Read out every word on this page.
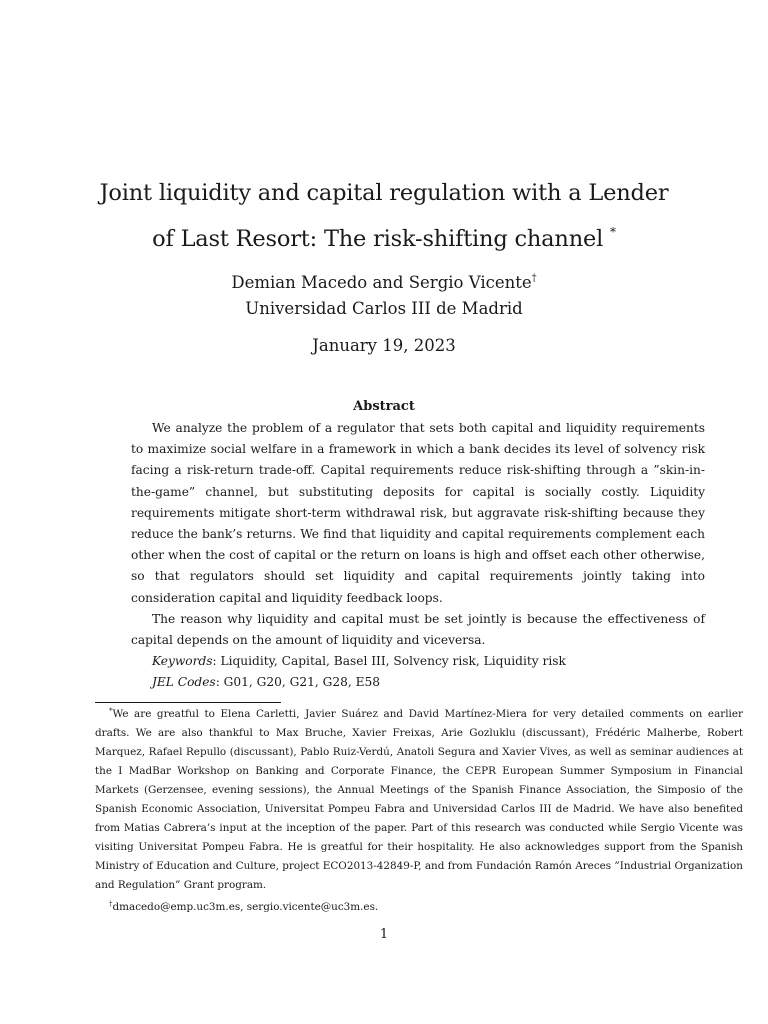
Joint liquidity and capital regulation with a Lender of Last Resort: The risk-shifting channel *
Demian Macedo and Sergio Vicente†
Universidad Carlos III de Madrid
January 19, 2023
Abstract

We analyze the problem of a regulator that sets both capital and liquidity requirements to maximize social welfare in a framework in which a bank decides its level of solvency risk facing a risk-return trade-off. Capital requirements reduce risk-shifting through a ”skin-in-the-game” channel, but substituting deposits for capital is socially costly. Liquidity requirements mitigate short-term withdrawal risk, but aggravate risk-shifting because they reduce the bank’s returns. We find that liquidity and capital requirements complement each other when the cost of capital or the return on loans is high and offset each other otherwise, so that regulators should set liquidity and capital requirements jointly taking into consideration capital and liquidity feedback loops.

The reason why liquidity and capital must be set jointly is because the effectiveness of capital depends on the amount of liquidity and viceversa.

Keywords: Liquidity, Capital, Basel III, Solvency risk, Liquidity risk

JEL Codes: G01, G20, G21, G28, E58

*We are greatful to Elena Carletti, Javier Suárez and David Martínez-Miera for very detailed comments on earlier drafts. We are also thankful to Max Bruche, Xavier Freixas, Arie Gozluklu (discussant), Frédéric Malherbe, Robert Marquez, Rafael Repullo (discussant), Pablo Ruiz-Verdú, Anatoli Segura and Xavier Vives, as well as seminar audiences at the I MadBar Workshop on Banking and Corporate Finance, the CEPR European Summer Symposium in Financial Markets (Gerzensee, evening sessions), the Annual Meetings of the Spanish Finance Association, the Simposio of the Spanish Economic Association, Universitat Pompeu Fabra and Universidad Carlos III de Madrid. We have also benefited from Matias Cabrera’s input at the inception of the paper. Part of this research was conducted while Sergio Vicente was visiting Universitat Pompeu Fabra. He is greatful for their hospitality. He also acknowledges support from the Spanish Ministry of Education and Culture, project ECO2013-42849-P, and from Fundación Ramón Areces ”Industrial Organization and Regulation” Grant program.

†dmacedo@emp.uc3m.es, sergio.vicente@uc3m.es.

1
